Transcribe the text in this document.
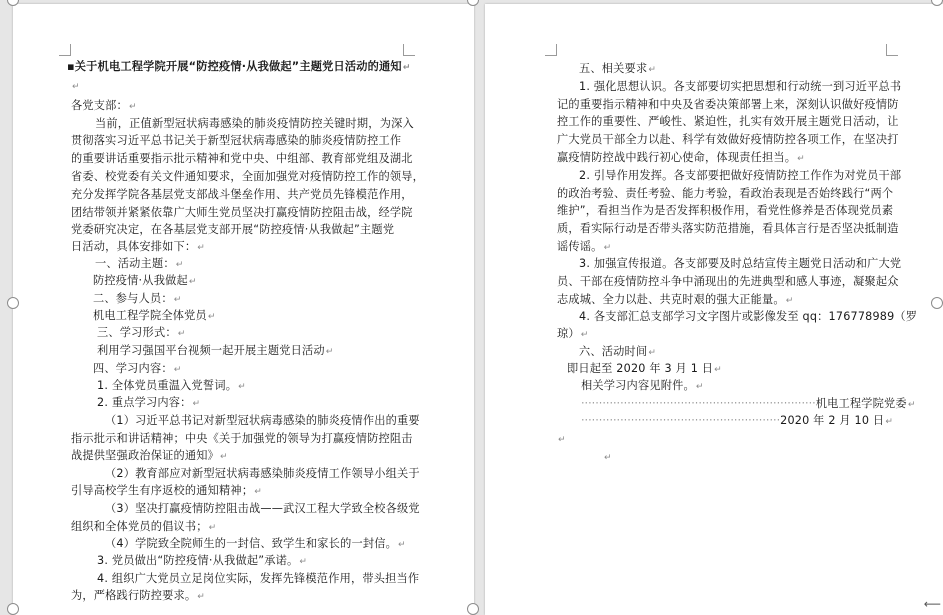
▪关于机电工程学院开展“防控疫情·从我做起”主题党日活动的通知↵
↵
各党支部：↵
当前，正值新型冠状病毒感染的肺炎疫情防控关键时期，为深入
贯彻落实习近平总书记关于新型冠状病毒感染的肺炎疫情防控工作
的重要讲话重要指示批示精神和党中央、中组部、教育部党组及湖北
省委、校党委有关文件通知要求，全面加强党对疫情防控工作的领导，
充分发挥学院各基层党支部战斗堡垒作用、共产党员先锋模范作用，
团结带领并紧紧依靠广大师生党员坚决打赢疫情防控阻击战，经学院
党委研究决定，在各基层党支部开展“防控疫情·从我做起”主题党
日活动，具体安排如下：↵
一、活动主题：↵
防控疫情·从我做起↵
二、参与人员：↵
机电工程学院全体党员↵
三、学习形式：↵
利用学习强国平台视频一起开展主题党日活动↵
四、学习内容：↵
1. 全体党员重温入党誓词。↵
2. 重点学习内容：↵
（1）习近平总书记对新型冠状病毒感染的肺炎疫情作出的重要
指示批示和讲话精神；中央《关于加强党的领导为打赢疫情防控阻击
战提供坚强政治保证的通知》↵
（2）教育部应对新型冠状病毒感染肺炎疫情工作领导小组关于
引导高校学生有序返校的通知精神；↵
（3）坚决打赢疫情防控阻击战——武汉工程大学致全校各级党
组织和全体党员的倡议书；↵
（4）学院致全院师生的一封信、致学生和家长的一封信。↵
3. 党员做出“防控疫情·从我做起”承诺。↵
4. 组织广大党员立足岗位实际，发挥先锋模范作用，带头担当作
为，严格践行防控要求。↵
五、相关要求↵
1. 强化思想认识。各支部要切实把思想和行动统一到习近平总书
记的重要指示精神和中央及省委决策部署上来，深刻认识做好疫情防
控工作的重要性、严峻性、紧迫性，扎实有效开展主题党日活动，让
广大党员干部全力以赴、科学有效做好疫情防控各项工作，在坚决打
赢疫情防控战中践行初心使命，体现责任担当。↵
2. 引导作用发挥。各支部要把做好疫情防控工作作为对党员干部
的政治考验、责任考验、能力考验，看政治表现是否始终践行“两个
维护”，看担当作为是否发挥积极作用，看党性修养是否体现党员素
质，看实际行动是否带头落实防范措施，看具体言行是否坚决抵制造
谣传谣。↵
3. 加强宣传报道。各支部要及时总结宣传主题党日活动和广大党
员、干部在疫情防控斗争中涌现出的先进典型和感人事迹，凝聚起众
志成城、全力以赴、共克时艰的强大正能量。↵
4. 各支部汇总支部学习文字图片或影像发至 qq：176778989（罗
琼）↵
六、活动时间↵
即日起至 2020 年 3 月 1 日↵
相关学习内容见附件。↵
··································································机电工程学院党委↵
························································2020 年 2 月 10 日↵
↵
↵
⟵
